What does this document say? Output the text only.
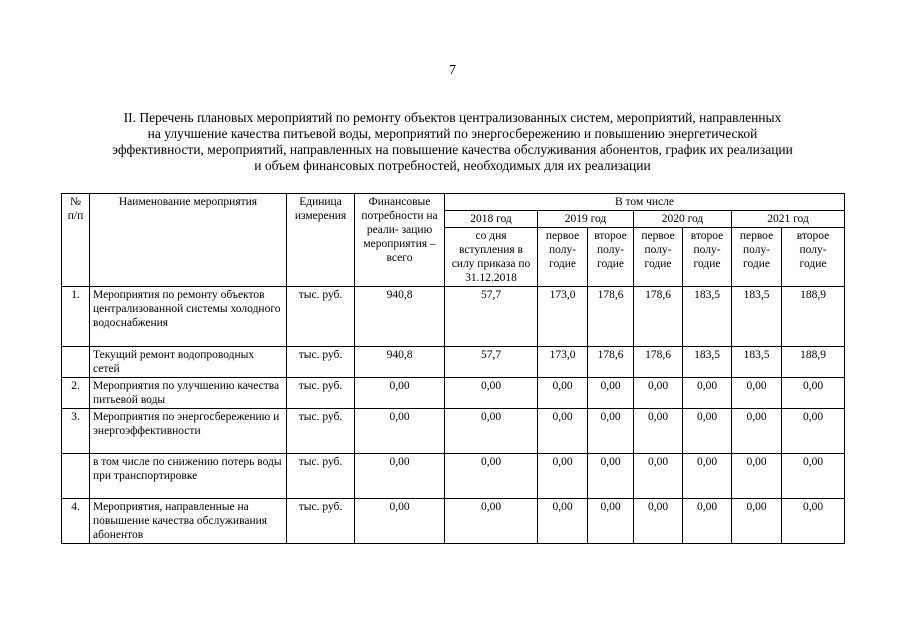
7
II. Перечень плановых мероприятий по ремонту объектов централизованных систем, мероприятий, направленных
на улучшение качества питьевой воды, мероприятий по энергосбережению и повышению энергетической
эффективности, мероприятий, направленных на повышение качества обслуживания абонентов, график их реализации
и объем финансовых потребностей, необходимых для их реализации
№ п/п	Наименование мероприятия	Единица измерения	Финансовые потребности на реали- зацию мероприятия – всего	В том числе						
				2018 год	2019 год		2020 год		2021 год	
				со дня вступления в силу приказа по 31.12.2018	первое полу- годие	второе полу- годие	первое полу- годие	второе полу- годие	первое полу- годие	второе полу- годие
1.	Мероприятия по ремонту объектов централизованной системы холодного водоснабжения	тыс. руб.	940,8	57,7	173,0	178,6	178,6	183,5	183,5	188,9
	Текущий ремонт водопроводных сетей	тыс. руб.	940,8	57,7	173,0	178,6	178,6	183,5	183,5	188,9
2.	Мероприятия по улучшению качества питьевой воды	тыс. руб.	0,00	0,00	0,00	0,00	0,00	0,00	0,00	0,00
3.	Мероприятия по энергосбережению и энергоэффективности	тыс. руб.	0,00	0,00	0,00	0,00	0,00	0,00	0,00	0,00
	в том числе по снижению потерь воды при транспортировке	тыс. руб.	0,00	0,00	0,00	0,00	0,00	0,00	0,00	0,00
4.	Мероприятия, направленные на повышение качества обслуживания абонентов	тыс. руб.	0,00	0,00	0,00	0,00	0,00	0,00	0,00	0,00
